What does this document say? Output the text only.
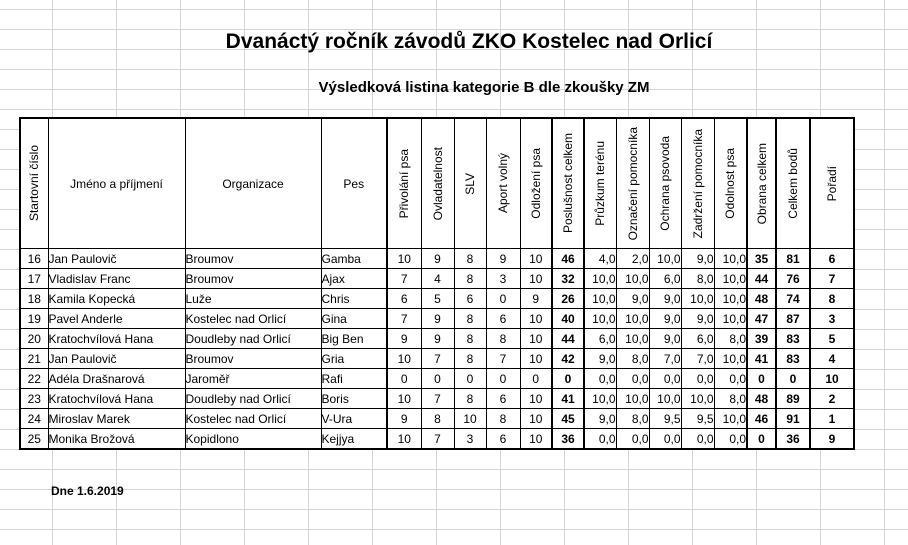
Dvanáctý ročník závodů ZKO Kostelec nad Orlicí
Výsledková listina kategorie B dle zkoušky ZM
Startovní číslo	Jméno a příjmení	Organizace	Pes	Přivolání psa	Ovladatelnost	SLV	Aport volný	Odložení psa	Poslušnost celkem	Průzkum terénu	Označení pomocníka	Ochrana psovoda	Zadržení pomocníka	Odolnost psa	Obrana celkem	Celkem bodů	Pořadí

16	Jan Paulovič	Broumov	Gamba	10	9	8	9	10	46	4,0	2,0	10,0	9,0	10,0	35	81	6
17	Vladislav Franc	Broumov	Ajax	7	4	8	3	10	32	10,0	10,0	6,0	8,0	10,0	44	76	7
18	Kamila Kopecká	Luže	Chris	6	5	6	0	9	26	10,0	9,0	9,0	10,0	10,0	48	74	8
19	Pavel Anderle	Kostelec nad Orlicí	Gina	7	9	8	6	10	40	10,0	10,0	9,0	9,0	10,0	47	87	3
20	Kratochvílová Hana	Doudleby nad Orlicí	Big Ben	9	9	8	8	10	44	6,0	10,0	9,0	6,0	8,0	39	83	5
21	Jan Paulovič	Broumov	Gria	10	7	8	7	10	42	9,0	8,0	7,0	7,0	10,0	41	83	4
22	Adéla Drašnarová	Jaroměř	Rafi	0	0	0	0	0	0	0,0	0,0	0,0	0,0	0,0	0	0	10
23	Kratochvílová Hana	Doudleby nad Orlicí	Boris	10	7	8	6	10	41	10,0	10,0	10,0	10,0	8,0	48	89	2
24	Miroslav Marek	Kostelec nad Orlicí	V-Ura	9	8	10	8	10	45	9,0	8,0	9,5	9,5	10,0	46	91	1
25	Monika Brožová	Kopidlono	Kejjya	10	7	3	6	10	36	0,0	0,0	0,0	0,0	0,0	0	36	9
Dne 1.6.2019
